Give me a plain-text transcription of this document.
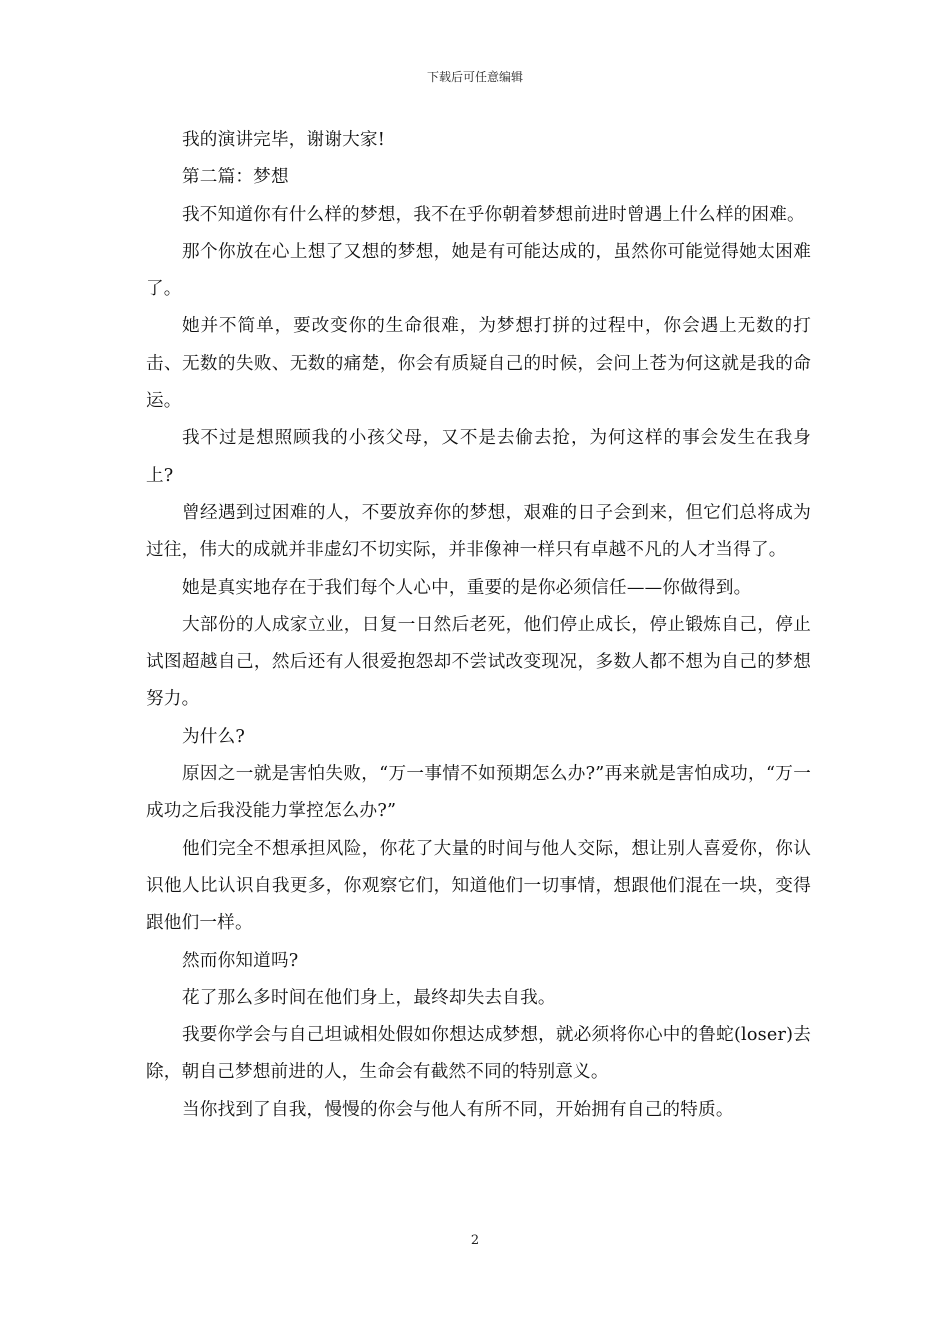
下载后可任意编辑

我的演讲完毕，谢谢大家!

第二篇：梦想

我不知道你有什么样的梦想，我不在乎你朝着梦想前进时曾遇上什么样的困难。

那个你放在心上想了又想的梦想，她是有可能达成的，虽然你可能觉得她太困难了。

她并不简单，要改变你的生命很难，为梦想打拼的过程中，你会遇上无数的打击、无数的失败、无数的痛楚，你会有质疑自己的时候，会问上苍为何这就是我的命运。

我不过是想照顾我的小孩父母，又不是去偷去抢，为何这样的事会发生在我身上?

曾经遇到过困难的人，不要放弃你的梦想，艰难的日子会到来，但它们总将成为过往，伟大的成就并非虚幻不切实际，并非像神一样只有卓越不凡的人才当得了。

她是真实地存在于我们每个人心中，重要的是你必须信任——你做得到。

大部份的人成家立业，日复一日然后老死，他们停止成长，停止锻炼自己，停止试图超越自己，然后还有人很爱抱怨却不尝试改变现况，多数人都不想为自己的梦想努力。

为什么?

原因之一就是害怕失败，“万一事情不如预期怎么办?”再来就是害怕成功，“万一成功之后我没能力掌控怎么办?”

他们完全不想承担风险，你花了大量的时间与他人交际，想让别人喜爱你，你认识他人比认识自我更多，你观察它们，知道他们一切事情，想跟他们混在一块，变得跟他们一样。

然而你知道吗?

花了那么多时间在他们身上，最终却失去自我。

我要你学会与自己坦诚相处假如你想达成梦想，就必须将你心中的鲁蛇(loser)去除，朝自己梦想前进的人，生命会有截然不同的特别意义。

当你找到了自我，慢慢的你会与他人有所不同，开始拥有自己的特质。

2
